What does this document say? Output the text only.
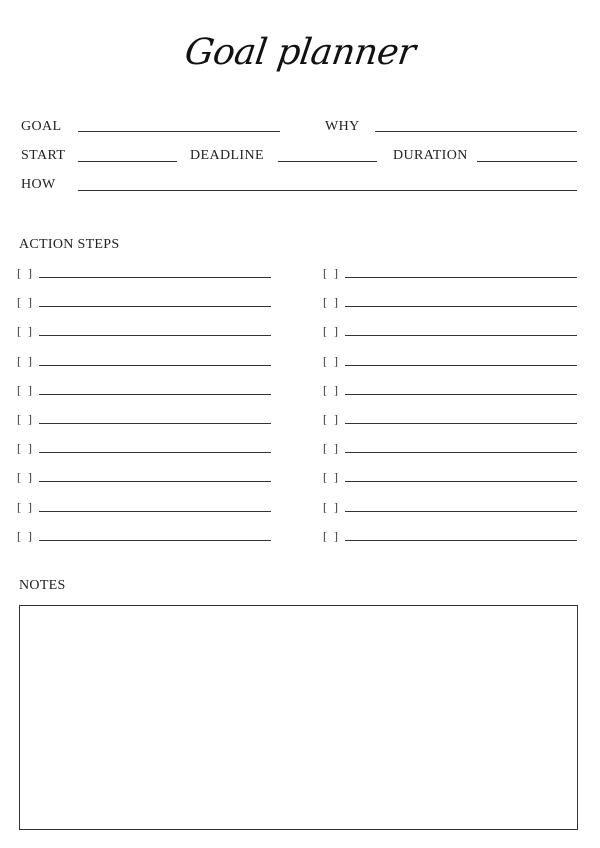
Goal planner
GOAL	WHY
START	DEADLINE	DURATION
HOW
ACTION STEPS
[ ]
[ ]
[ ]
[ ]
[ ]
[ ]
[ ]
[ ]
[ ]
[ ]
[ ]
[ ]
[ ]
[ ]
[ ]
[ ]
[ ]
[ ]
[ ]
[ ]
NOTES
